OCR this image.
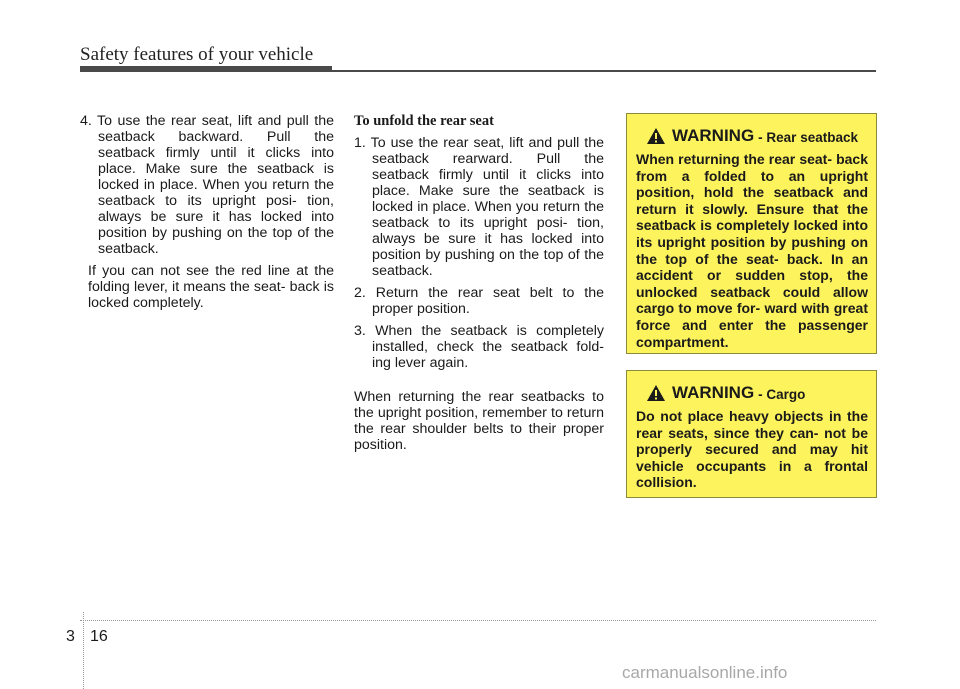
Safety features of your vehicle

4. To use the rear seat, lift and pull the seatback backward. Pull the seatback firmly until it clicks into place. Make sure the seatback is locked in place. When you return the seatback to its upright posi- tion, always be sure it has locked into position by pushing on the top of the seatback.

If you can not see the red line at the folding lever, it means the seat- back is locked completely.

To unfold the rear seat

1. To use the rear seat, lift and pull the seatback rearward. Pull the seatback firmly until it clicks into place. Make sure the seatback is locked in place. When you return the seatback to its upright posi- tion, always be sure it has locked into position by pushing on the top of the seatback.

2. Return the rear seat belt to the proper position.

3. When the seatback is completely installed, check the seatback fold- ing lever again.

When returning the rear seatbacks to the upright position, remember to return the rear shoulder belts to their proper position.

WARNING - Rear seatback

When returning the rear seat- back from a folded to an upright position, hold the seatback and return it slowly. Ensure that the seatback is completely locked into its upright position by pushing on the top of the seat- back. In an accident or sudden stop, the unlocked seatback could allow cargo to move for- ward with great force and enter the passenger compartment.

WARNING - Cargo

Do not place heavy objects in the rear seats, since they can- not be properly secured and may hit vehicle occupants in a frontal collision.

3 16
carmanualsonline.info
